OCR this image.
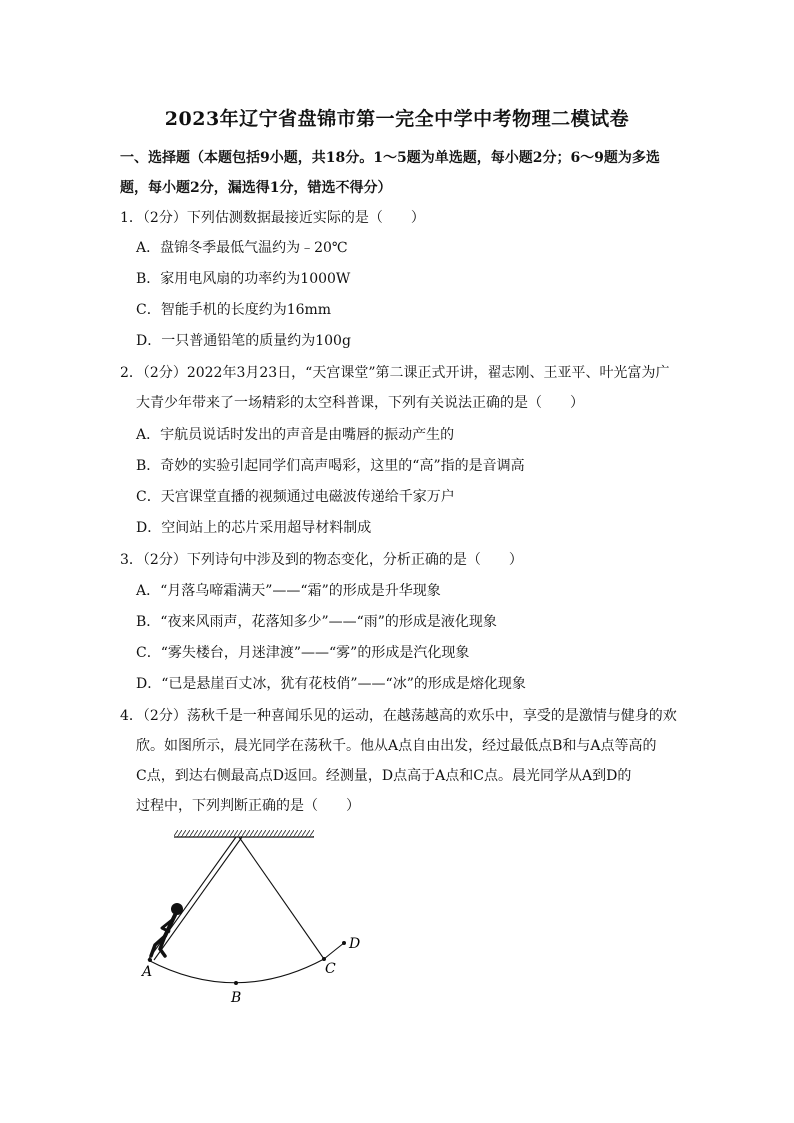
2023年辽宁省盘锦市第一完全中学中考物理二模试卷
一、选择题（本题包括9小题，共18分。1～5题为单选题，每小题2分；6～9题为多选
题，每小题2分，漏选得1分，错选不得分）
1．（2分）下列估测数据最接近实际的是（　　）
A．盘锦冬季最低气温约为﹣20℃
B．家用电风扇的功率约为1000W
C．智能手机的长度约为16mm
D．一只普通铅笔的质量约为100g
2．（2分）2022年3月23日，“天宫课堂”第二课正式开讲，翟志刚、王亚平、叶光富为广
大青少年带来了一场精彩的太空科普课，下列有关说法正确的是（　　）
A．宇航员说话时发出的声音是由嘴唇的振动产生的
B．奇妙的实验引起同学们高声喝彩，这里的“高”指的是音调高
C．天宫课堂直播的视频通过电磁波传递给千家万户
D．空间站上的芯片采用超导材料制成
3．（2分）下列诗句中涉及到的物态变化，分析正确的是（　　）
A．“月落乌啼霜满天”——“霜”的形成是升华现象
B．“夜来风雨声，花落知多少”——“雨”的形成是液化现象
C．“雾失楼台，月迷津渡”——“雾”的形成是汽化现象
D．“已是悬崖百丈冰，犹有花枝俏”——“冰”的形成是熔化现象
4．（2分）荡秋千是一种喜闻乐见的运动，在越荡越高的欢乐中，享受的是激情与健身的欢
欣。如图所示，晨光同学在荡秋千。他从A点自由出发，经过最低点B和与A点等高的
C点，到达右侧最高点D返回。经测量，D点高于A点和C点。晨光同学从A到D的
过程中，下列判断正确的是（　　）
A
B
C
D
